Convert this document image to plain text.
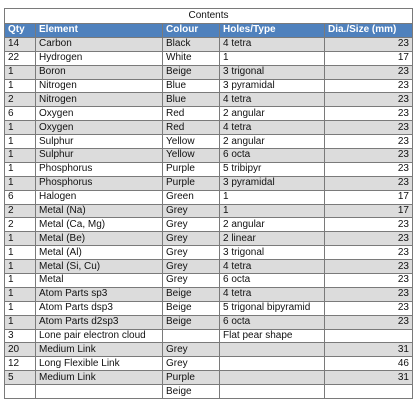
Contents				
Qty	Element	Colour	Holes/Type	Dia./Size (mm)
14	Carbon	Black	4 tetra	23
22	Hydrogen	White	1	17
1	Boron	Beige	3 trigonal	23
1	Nitrogen	Blue	3 pyramidal	23
2	Nitrogen	Blue	4 tetra	23
6	Oxygen	Red	2 angular	23
1	Oxygen	Red	4 tetra	23
1	Sulphur	Yellow	2 angular	23
1	Sulphur	Yellow	6 octa	23
1	Phosphorus	Purple	5 tribipyr	23
1	Phosphorus	Purple	3 pyramidal	23
6	Halogen	Green	1	17
2	Metal (Na)	Grey	1	17
2	Metal (Ca, Mg)	Grey	2 angular	23
1	Metal (Be)	Grey	2 linear	23
1	Metal (Al)	Grey	3 trigonal	23
1	Metal (Si, Cu)	Grey	4 tetra	23
1	Metal	Grey	6 octa	23
1	Atom Parts sp3	Beige	4 tetra	23
1	Atom Parts dsp3	Beige	5 trigonal bipyramid	23
1	Atom Parts d2sp3	Beige	6 octa	23
3	Lone pair electron cloud		Flat pear shape	
20	Medium Link	Grey		31
12	Long Flexible Link	Grey		46
5	Medium Link	Purple		31
		Beige		
